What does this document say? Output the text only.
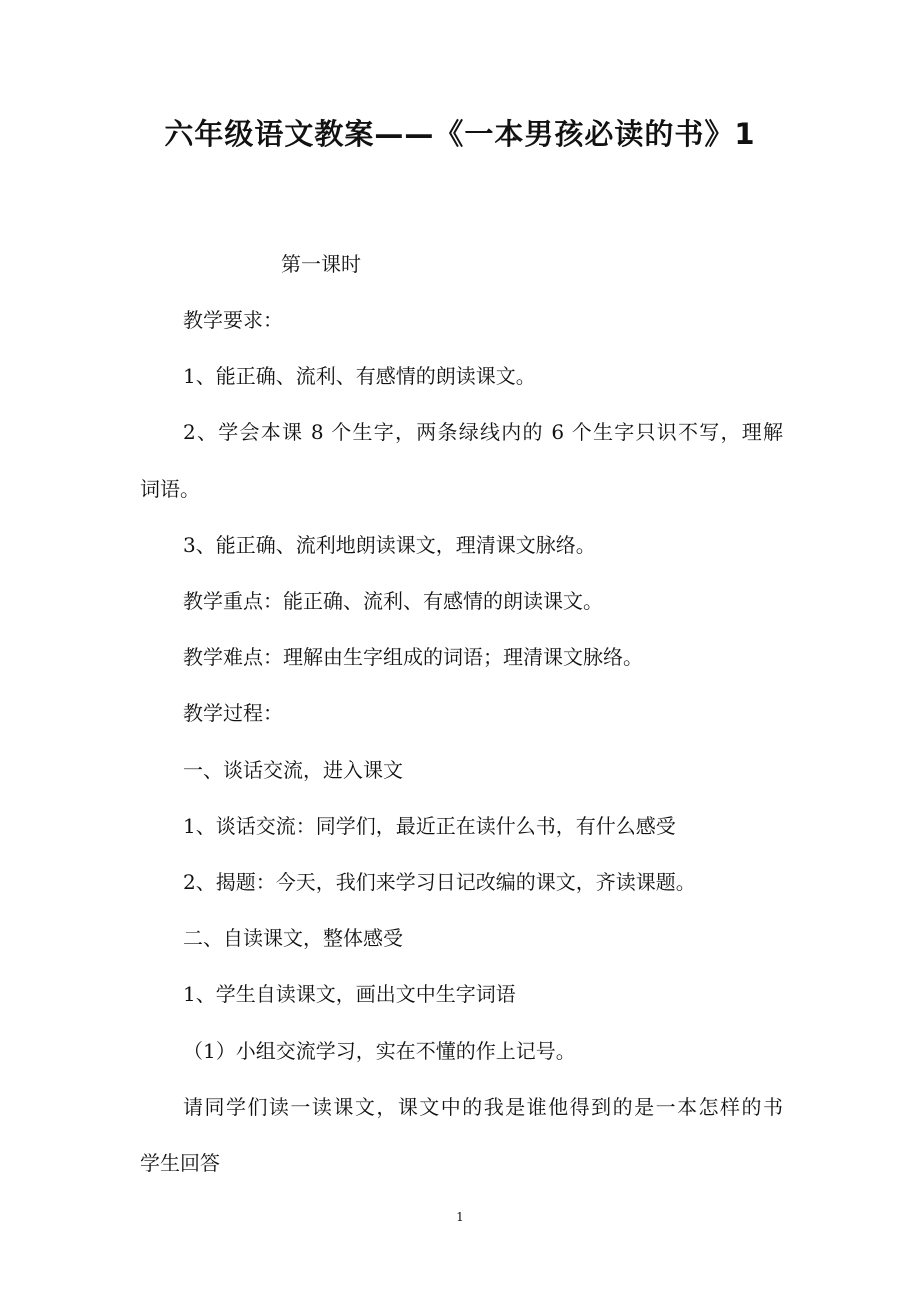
六年级语文教案——《一本男孩必读的书》1

第一课时

教学要求：

1、能正确、流利、有感情的朗读课文。

2、学会本课 8 个生字，两条绿线内的 6 个生字只识不写，理解

词语。

3、能正确、流利地朗读课文，理清课文脉络。

教学重点：能正确、流利、有感情的朗读课文。

教学难点：理解由生字组成的词语；理清课文脉络。

教学过程：

一、谈话交流，进入课文

1、谈话交流：同学们，最近正在读什么书，有什么感受

2、揭题：今天，我们来学习日记改编的课文，齐读课题。

二、自读课文，整体感受

1、学生自读课文，画出文中生字词语

（1）小组交流学习，实在不懂的作上记号。

请同学们读一读课文，课文中的我是谁他得到的是一本怎样的书

学生回答

1
